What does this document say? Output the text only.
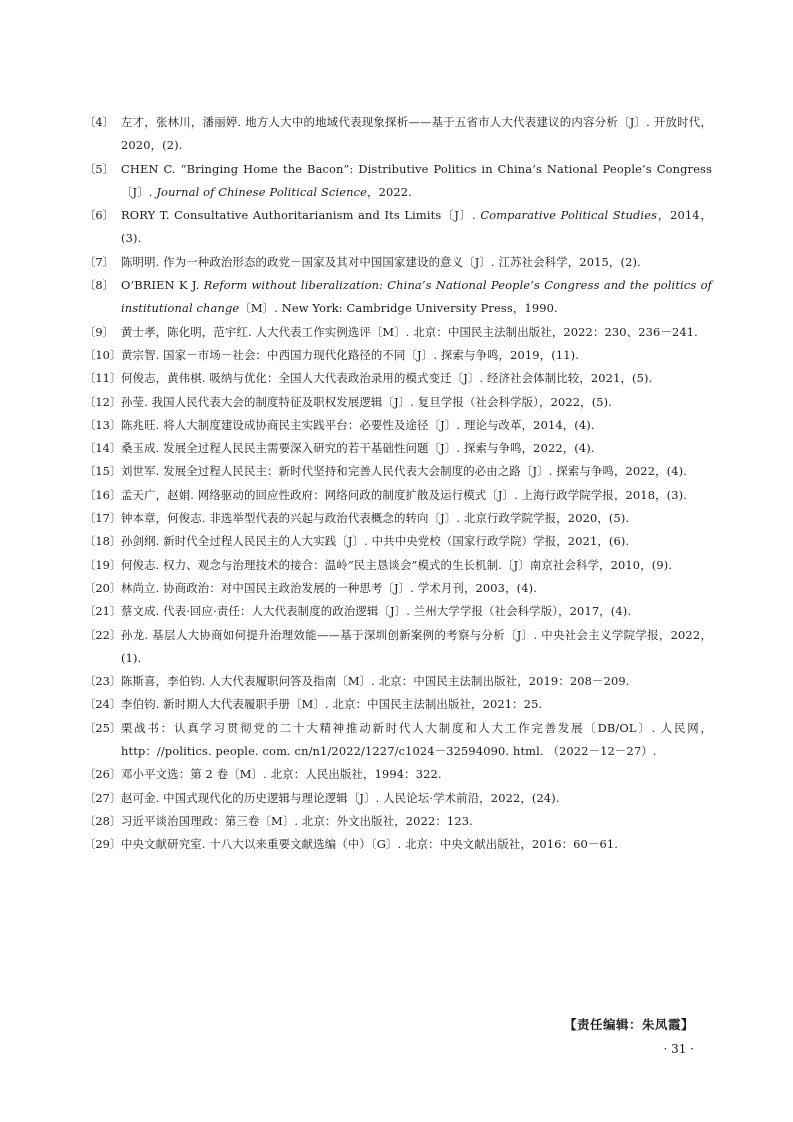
〔4〕 左才，张林川，潘丽婷. 地方人大中的地域代表现象探析——基于五省市人大代表建议的内容分析〔J〕. 开放时代，2020，(2).
〔5〕 CHEN C. “Bringing Home the Bacon”: Distributive Politics in China’s National People’s Congress〔J〕. Journal of Chinese Political Science，2022.
〔6〕 RORY T. Consultative Authoritarianism and Its Limits〔J〕. Comparative Political Studies，2014，(3).
〔7〕 陈明明. 作为一种政治形态的政党－国家及其对中国国家建设的意义〔J〕. 江苏社会科学，2015，(2).
〔8〕 O’BRIEN K J. Reform without liberalization: China’s National People’s Congress and the politics of institutional change〔M〕. New York: Cambridge University Press，1990.
〔9〕 黄士孝，陈化明，范宇红. 人大代表工作实例选评〔M〕. 北京：中国民主法制出版社，2022：230、236－241.
〔10〕 黄宗智. 国家－市场－社会：中西国力现代化路径的不同〔J〕. 探索与争鸣，2019，(11).
〔11〕 何俊志，黄伟棋. 吸纳与优化：全国人大代表政治录用的模式变迁〔J〕. 经济社会体制比较，2021，(5).
〔12〕 孙莹. 我国人民代表大会的制度特征及职权发展逻辑〔J〕. 复旦学报（社会科学版），2022，(5).
〔13〕 陈兆旺. 将人大制度建设成协商民主实践平台：必要性及途径〔J〕. 理论与改革，2014，(4).
〔14〕 桑玉成. 发展全过程人民民主需要深入研究的若干基础性问题〔J〕. 探索与争鸣，2022，(4).
〔15〕 刘世军. 发展全过程人民民主：新时代坚持和完善人民代表大会制度的必由之路〔J〕. 探索与争鸣，2022，(4).
〔16〕 孟天广，赵娟. 网络驱动的回应性政府：网络问政的制度扩散及运行模式〔J〕. 上海行政学院学报，2018，(3).
〔17〕 钟本章，何俊志. 非选举型代表的兴起与政治代表概念的转向〔J〕. 北京行政学院学报，2020，(5).
〔18〕 孙剑纲. 新时代全过程人民民主的人大实践〔J〕. 中共中央党校（国家行政学院）学报，2021，(6).
〔19〕 何俊志. 权力、观念与治理技术的接合：温岭“民主恳谈会”模式的生长机制.〔J〕南京社会科学，2010，(9).
〔20〕 林尚立. 协商政治：对中国民主政治发展的一种思考〔J〕. 学术月刊，2003，(4).
〔21〕 蔡文成. 代表·回应·责任：人大代表制度的政治逻辑〔J〕. 兰州大学学报（社会科学版），2017，(4).
〔22〕 孙龙. 基层人大协商如何提升治理效能——基于深圳创新案例的考察与分析〔J〕. 中央社会主义学院学报，2022，(1).
〔23〕 陈斯喜，李伯钧. 人大代表履职问答及指南〔M〕. 北京：中国民主法制出版社，2019：208－209.
〔24〕 李伯钧. 新时期人大代表履职手册〔M〕. 北京：中国民主法制出版社，2021：25.
〔25〕 栗战书：认真学习贯彻党的二十大精神推动新时代人大制度和人大工作完善发展〔DB/OL〕. 人民网，http：//politics. people. com. cn/n1/2022/1227/c1024－32594090. html. （2022－12－27）.
〔26〕 邓小平文选：第 2 卷〔M〕. 北京：人民出版社，1994：322.
〔27〕 赵可金. 中国式现代化的历史逻辑与理论逻辑〔J〕. 人民论坛·学术前沿，2022，(24).
〔28〕 习近平谈治国理政：第三卷〔M〕. 北京：外文出版社，2022：123.
〔29〕 中央文献研究室. 十八大以来重要文献选编（中）〔G〕. 北京：中央文献出版社，2016：60－61.
【责任编辑：朱凤霞】
· 31 ·
